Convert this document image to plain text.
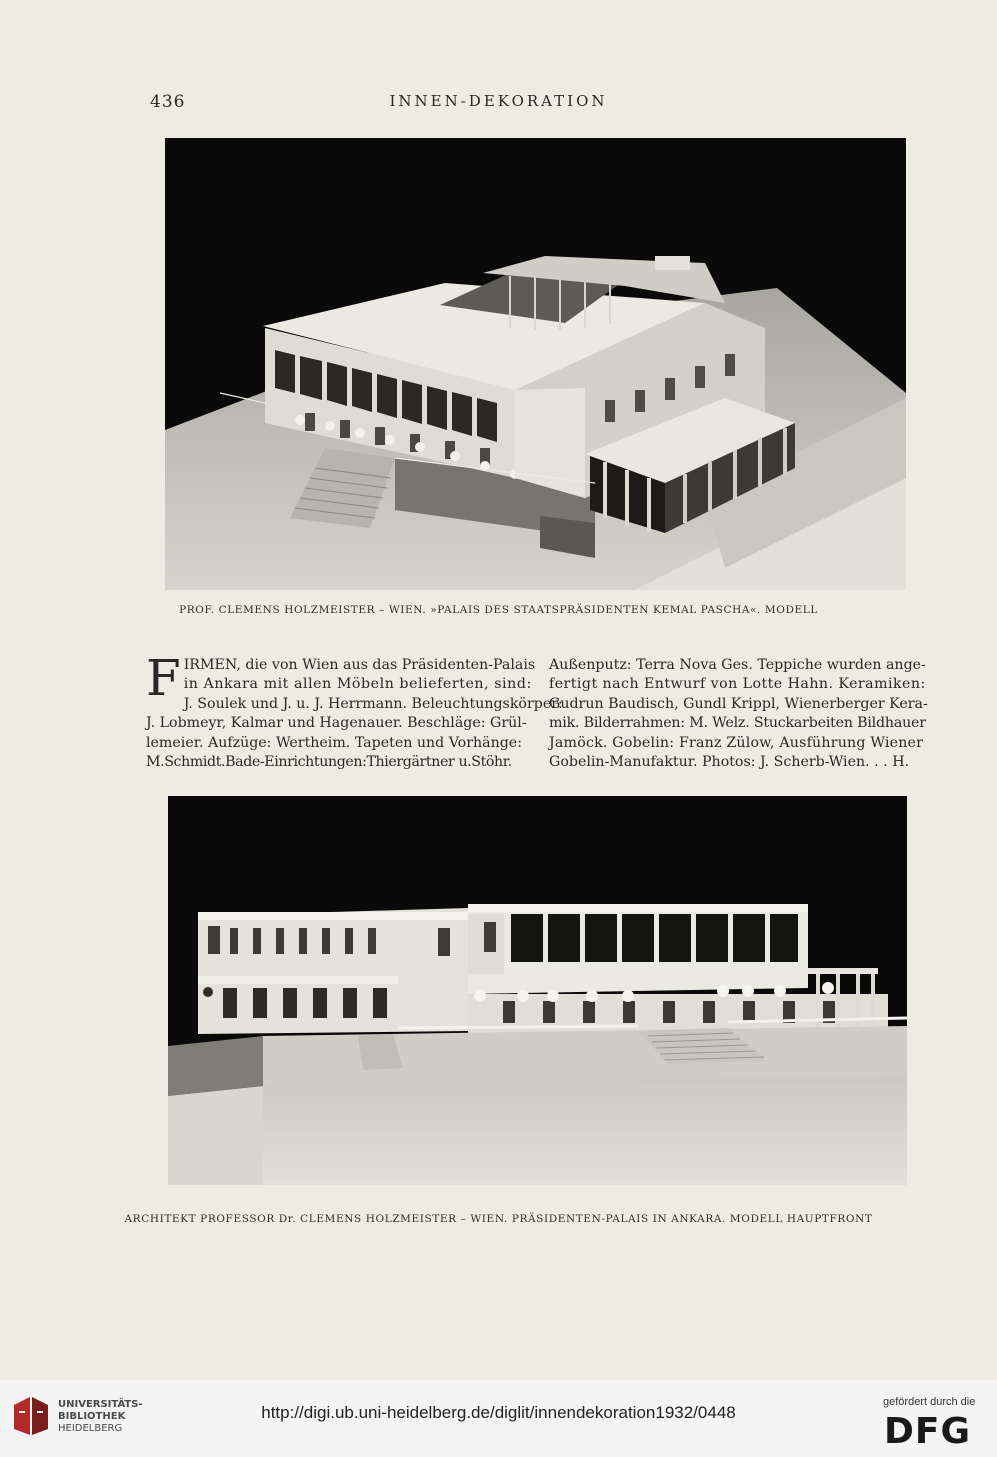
436	INNEN-DEKORATION
PROF. CLEMENS HOLZMEISTER – WIEN. »PALAIS DES STAATSPRÄSIDENTEN KEMAL PASCHA«. MODELL
F IRMEN, die von Wien aus das Präsidenten-Palais
in Ankara mit allen Möbeln belieferten, sind:
J. Soulek und J. u. J. Herrmann. Beleuchtungskörper:
J. Lobmeyr, Kalmar und Hagenauer. Beschläge: Grül-
lemeier. Aufzüge: Wertheim. Tapeten und Vorhänge:
M.Schmidt.Bade-Einrichtungen:Thiergärtner u.Stöhr.
Außenputz: Terra Nova Ges. Teppiche wurden ange-
fertigt nach Entwurf von Lotte Hahn. Keramiken:
Gudrun Baudisch, Gundl Krippl, Wienerberger Kera-
mik. Bilderrahmen: M. Welz. Stuckarbeiten Bildhauer
Jamöck. Gobelin: Franz Zülow, Ausführung Wiener
Gobelin-Manufaktur. Photos: J. Scherb-Wien. . . H.
ARCHITEKT PROFESSOR Dr. CLEMENS HOLZMEISTER – WIEN. PRÄSIDENTEN-PALAIS IN ANKARA. MODELL HAUPTFRONT
UNIVERSITÄTS-
BIBLIOTHEK
HEIDELBERG
http://digi.ub.uni-heidelberg.de/diglit/innendekoration1932/0448
gefördert durch die
DFG
